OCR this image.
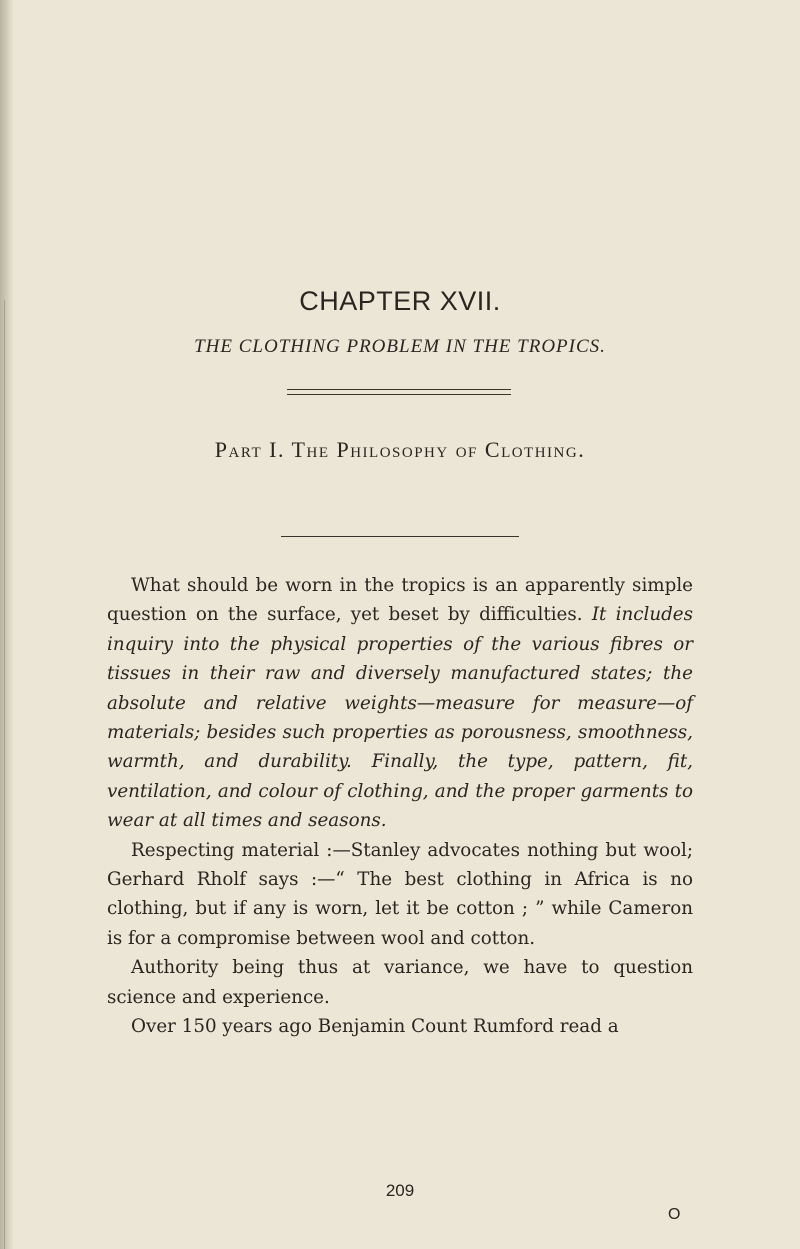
CHAPTER XVII.
THE CLOTHING PROBLEM IN THE TROPICS.
Part I. The Philosophy of Clothing.

What should be worn in the tropics is an apparently simple question on the surface, yet beset by difficulties. It includes inquiry into the physical properties of the various fibres or tissues in their raw and diversely manufactured states; the absolute and relative weights—measure for measure—of materials; besides such properties as porousness, smoothness, warmth, and durability. Finally, the type, pattern, fit, ventilation, and colour of clothing, and the proper garments to wear at all times and seasons.

Respecting material :—Stanley advocates nothing but wool; Gerhard Rholf says :—“ The best clothing in Africa is no clothing, but if any is worn, let it be cotton ; ” while Cameron is for a compromise between wool and cotton.

Authority being thus at variance, we have to question science and experience.

Over 150 years ago Benjamin Count Rumford read a

209
O
